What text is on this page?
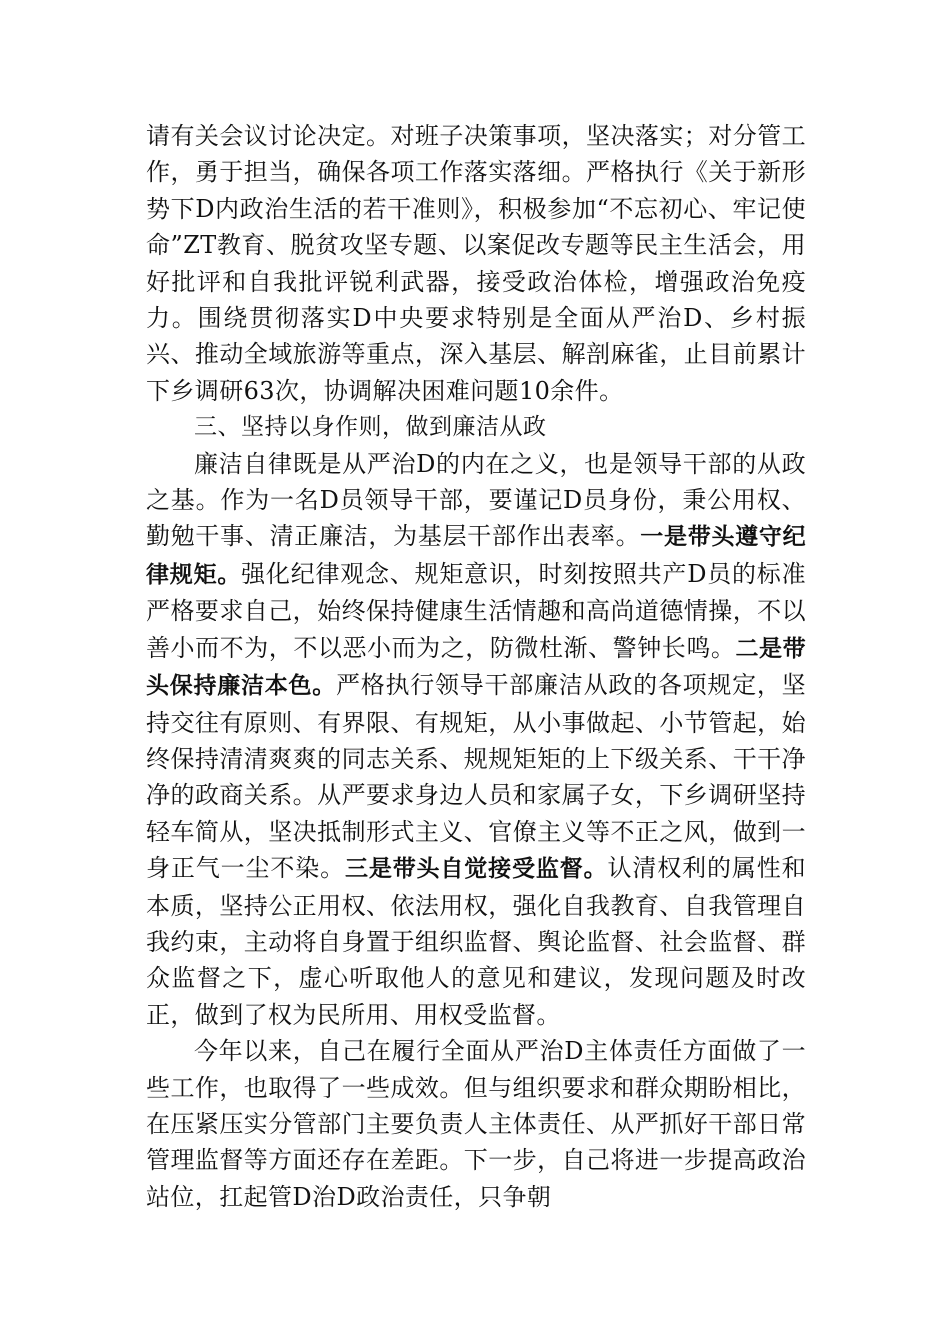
请有关会议讨论决定。对班子决策事项，坚决落实；对分管工作，勇于担当，确保各项工作落实落细。严格执行《关于新形势下D内政治生活的若干准则》，积极参加“不忘初心、牢记使命”ZT教育、脱贫攻坚专题、以案促改专题等民主生活会，用好批评和自我批评锐利武器，接受政治体检，增强政治免疫力。围绕贯彻落实D中央要求特别是全面从严治D、乡村振兴、推动全域旅游等重点，深入基层、解剖麻雀，止目前累计下乡调研63次，协调解决困难问题10余件。

三、坚持以身作则，做到廉洁从政

廉洁自律既是从严治D的内在之义，也是领导干部的从政之基。作为一名D员领导干部，要谨记D员身份，秉公用权、勤勉干事、清正廉洁，为基层干部作出表率。一是带头遵守纪律规矩。强化纪律观念、规矩意识，时刻按照共产D员的标准严格要求自己，始终保持健康生活情趣和高尚道德情操，不以善小而不为，不以恶小而为之，防微杜渐、警钟长鸣。二是带头保持廉洁本色。严格执行领导干部廉洁从政的各项规定，坚持交往有原则、有界限、有规矩，从小事做起、小节管起，始终保持清清爽爽的同志关系、规规矩矩的上下级关系、干干净净的政商关系。从严要求身边人员和家属子女，下乡调研坚持轻车简从，坚决抵制形式主义、官僚主义等不正之风，做到一身正气一尘不染。三是带头自觉接受监督。认清权利的属性和本质，坚持公正用权、依法用权，强化自我教育、自我管理自我约束，主动将自身置于组织监督、舆论监督、社会监督、群众监督之下，虚心听取他人的意见和建议，发现问题及时改正，做到了权为民所用、用权受监督。

今年以来，自己在履行全面从严治D主体责任方面做了一些工作，也取得了一些成效。但与组织要求和群众期盼相比，在压紧压实分管部门主要负责人主体责任、从严抓好干部日常管理监督等方面还存在差距。下一步，自己将进一步提高政治站位，扛起管D治D政治责任，只争朝
